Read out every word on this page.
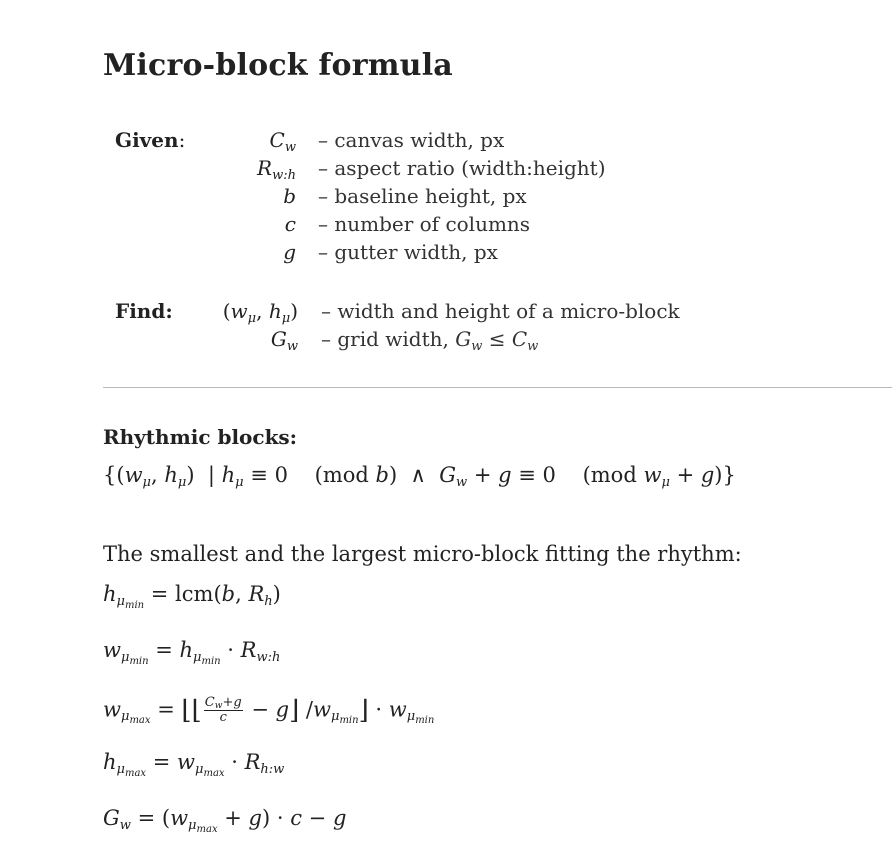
Micro-block formula
Given:	$C_w$ – canvas width, px
$R_{w:h}$ – aspect ratio (width:height)
b – baseline height, px
c – number of columns
g – gutter width, px
Find:	($w_\mu$, $h_\mu$) – width and height of a micro-block
$G_w$ – grid width, $G_w \le C_w$
Rhythmic blocks:
{($w_\mu$, $h_\mu$)  | $h_\mu \equiv 0$    (mod b)  ∧  $G_w + g \equiv 0$    (mod $w_\mu + g$)}
The smallest and the largest micro-block fitting the rhythm:
$h_{\mu_{min}} = lcm(b$, $R_h$)
$w_{\mu_{min}} = h_{\mu_{min}} \cdot R_{w:h}$
$w_{\mu_{max}}$ = ⌊⌊ $\frac{C_w+g}{c}$ − g⌋ $/w_{\mu_{min}}⌋ \cdot w_{\mu_{min}}$
$h_{\mu_{max}} = w_{\mu_{max}} \cdot R_{h:w}$
$G_w = (w_{\mu_{max}} + g) \cdot c - g$
